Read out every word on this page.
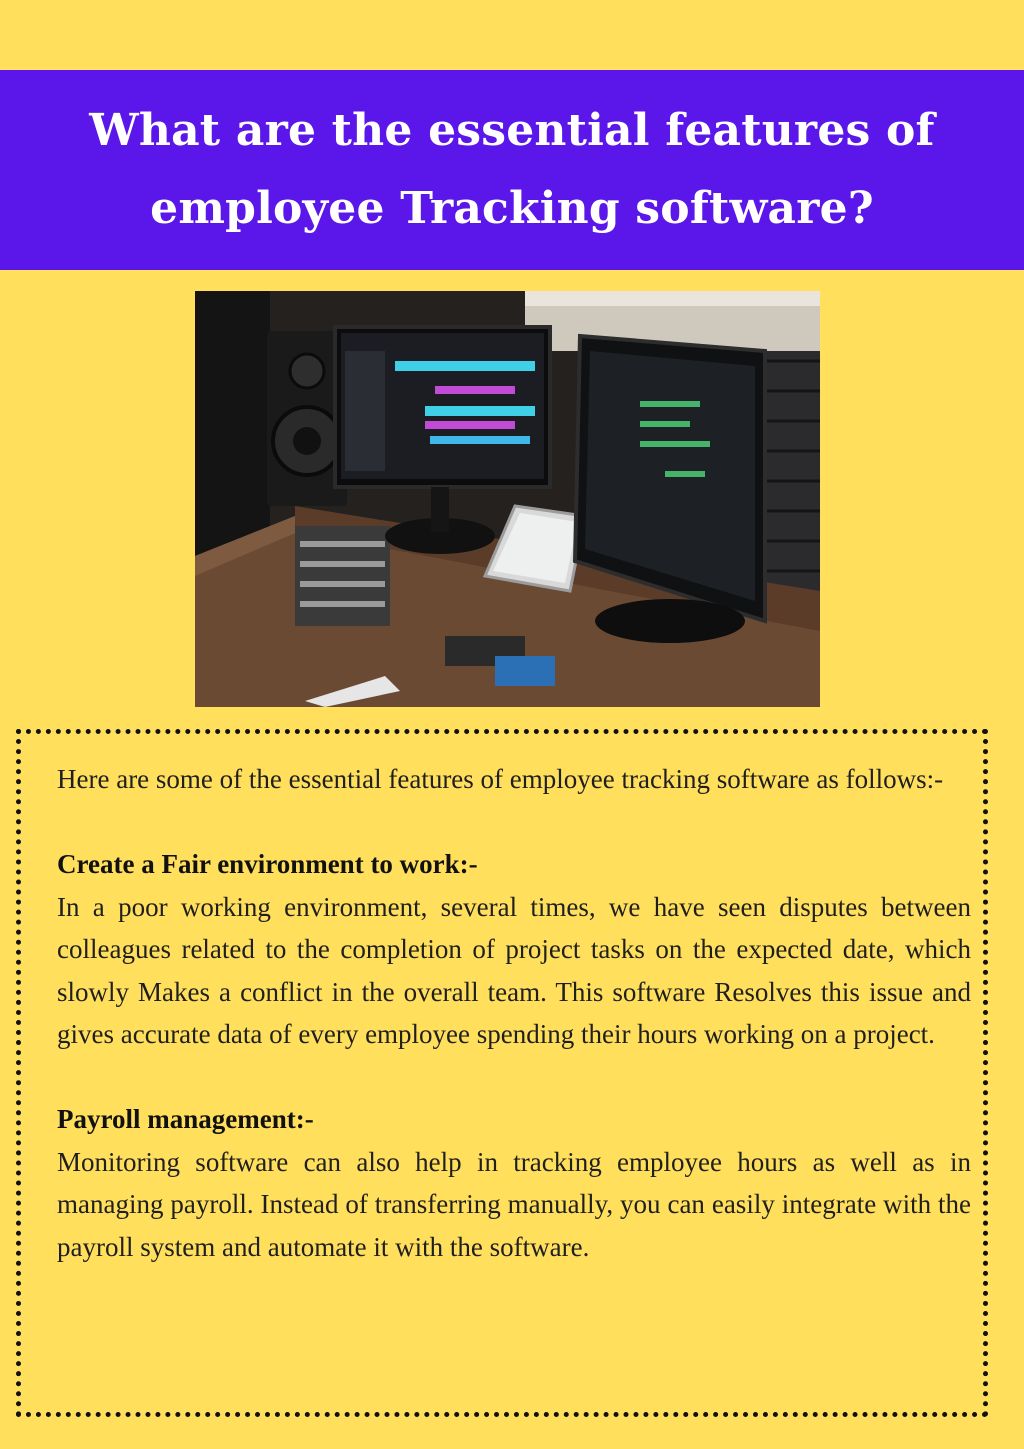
What are the essential features of
employee Tracking software?

Here are some of the essential features of employee tracking software as follows:-

Create a Fair environment to work:-

In a poor working environment, several times, we have seen disputes between colleagues related to the completion of project tasks on the expected date, which slowly Makes a conflict in the overall team. This software Resolves this issue and gives accurate data of every employee spending their hours working on a project.

Payroll management:-

Monitoring software can also help in tracking employee hours as well as in managing payroll. Instead of transferring manually, you can easily integrate with the payroll system and automate it with the software.
